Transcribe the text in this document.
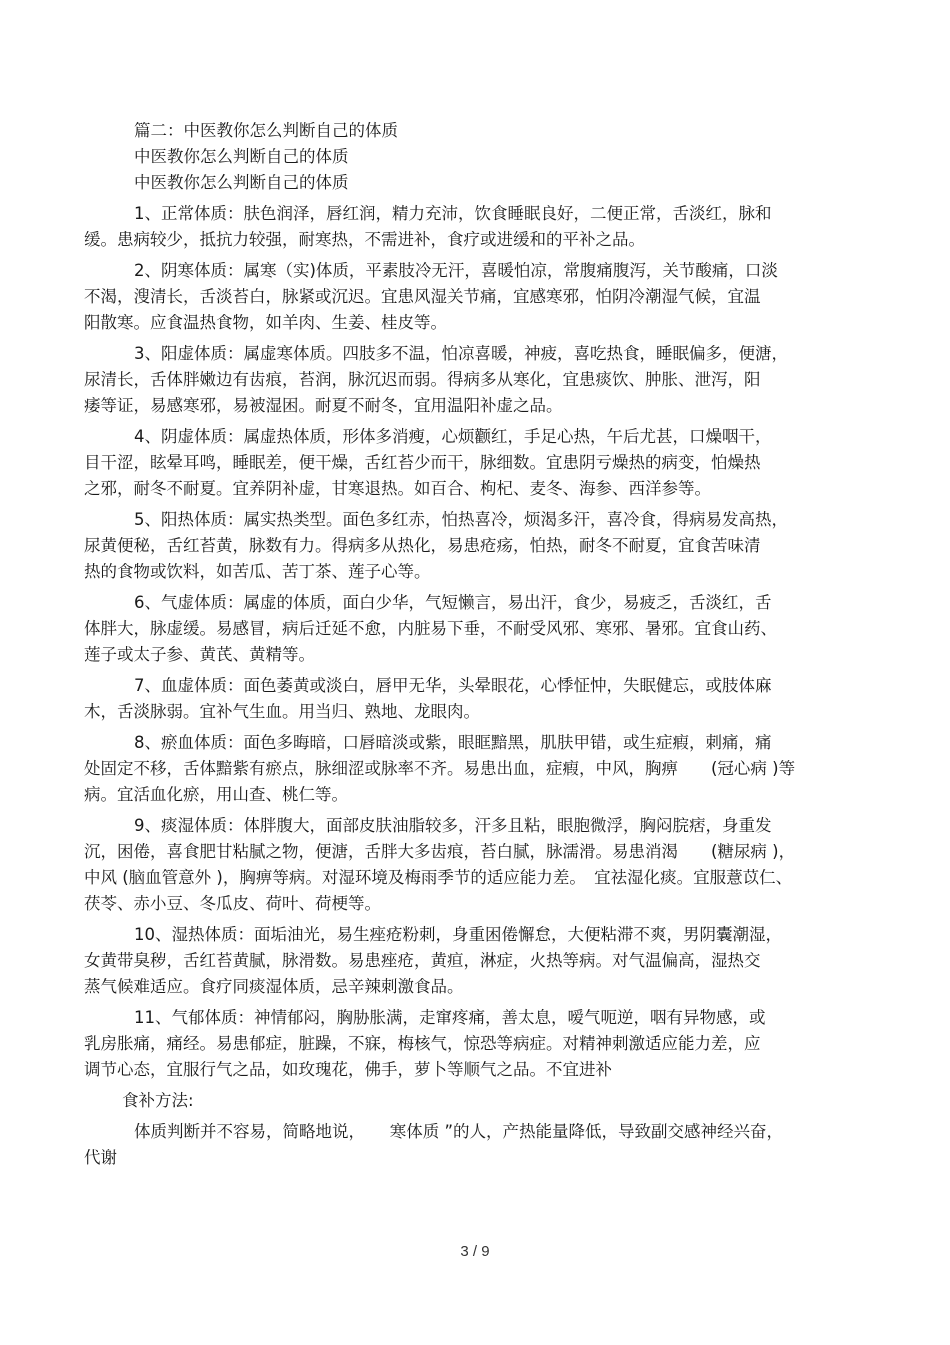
篇二：中医教你怎么判断自己的体质
中医教你怎么判断自己的体质
中医教你怎么判断自己的体质
1、正常体质：肤色润泽，唇红润，精力充沛，饮食睡眠良好，二便正常，舌淡红，脉和
缓。患病较少，抵抗力较强，耐寒热，不需进补，食疗或进缓和的平补之品。
2、阴寒体质：属寒（实)体质，平素肢冷无汗，喜暖怕凉，常腹痛腹泻，关节酸痛，口淡
不渴，溲清长，舌淡苔白，脉紧或沉迟。宜患风湿关节痛，宜感寒邪，怕阴冷潮湿气候，宜温
阳散寒。应食温热食物，如羊肉、生姜、桂皮等。
3、阳虚体质：属虚寒体质。四肢多不温，怕凉喜暖，神疲，喜吃热食，睡眠偏多，便溏，
尿清长，舌体胖嫩边有齿痕，苔润，脉沉迟而弱。得病多从寒化，宜患痰饮、肿胀、泄泻，阳
痿等证，易感寒邪，易被湿困。耐夏不耐冬，宜用温阳补虚之品。
4、阴虚体质：属虚热体质，形体多消瘦，心烦颧红，手足心热，午后尤甚，口燥咽干，
目干涩，眩晕耳鸣，睡眠差，便干燥，舌红苔少而干，脉细数。宜患阴亏燥热的病变，怕燥热
之邪，耐冬不耐夏。宜养阴补虚，甘寒退热。如百合、枸杞、麦冬、海参、西洋参等。
5、阳热体质：属实热类型。面色多红赤，怕热喜冷，烦渴多汗，喜冷食，得病易发高热，
尿黄便秘，舌红苔黄，脉数有力。得病多从热化，易患疮疡，怕热，耐冬不耐夏，宜食苦味清
热的食物或饮料，如苦瓜、苦丁茶、莲子心等。
6、气虚体质：属虚的体质，面白少华，气短懒言，易出汗，食少，易疲乏，舌淡红，舌
体胖大，脉虚缓。易感冒，病后迁延不愈，内脏易下垂，不耐受风邪、寒邪、暑邪。宜食山药、
莲子或太子参、黄芪、黄精等。
7、血虚体质：面色萎黄或淡白，唇甲无华，头晕眼花，心悸怔忡，失眠健忘，或肢体麻
木，舌淡脉弱。宜补气生血。用当归、熟地、龙眼肉。
8、瘀血体质：面色多晦暗，口唇暗淡或紫，眼眶黯黑，肌肤甲错，或生症瘕，刺痛，痛
处固定不移，舌体黯紫有瘀点，脉细涩或脉率不齐。易患出血，症瘕，中风，胸痹　　(冠心病 )等
病。宜活血化瘀，用山查、桃仁等。
9、痰湿体质：体胖腹大，面部皮肤油脂较多，汗多且粘，眼胞微浮，胸闷脘痞，身重发
沉，困倦，喜食肥甘粘腻之物，便溏，舌胖大多齿痕，苔白腻，脉濡滑。易患消渴　　(糖尿病 )，
中风 (脑血管意外 )，胸痹等病。对湿环境及梅雨季节的适应能力差。　宜祛湿化痰。宜服薏苡仁、
茯苓、赤小豆、冬瓜皮、荷叶、荷梗等。
10、湿热体质：面垢油光，易生痤疮粉刺，身重困倦懈怠，大便粘滞不爽，男阴囊潮湿，
女黄带臭秽，舌红苔黄腻，脉滑数。易患痤疮，黄疸，淋症，火热等病。对气温偏高，湿热交
蒸气候难适应。食疗同痰湿体质，忌辛辣刺激食品。
11、气郁体质：神情郁闷，胸胁胀满，走窜疼痛，善太息，嗳气呃逆，咽有异物感，或
乳房胀痛，痛经。易患郁症，脏躁，不寐，梅核气，惊恐等病症。对精神刺激适应能力差，应
调节心态，宜服行气之品，如玫瑰花，佛手，萝卜等顺气之品。不宜进补
食补方法:
体质判断并不容易，简略地说，　　寒体质 ”的人，产热能量降低，导致副交感神经兴奋，
代谢
3 / 9
